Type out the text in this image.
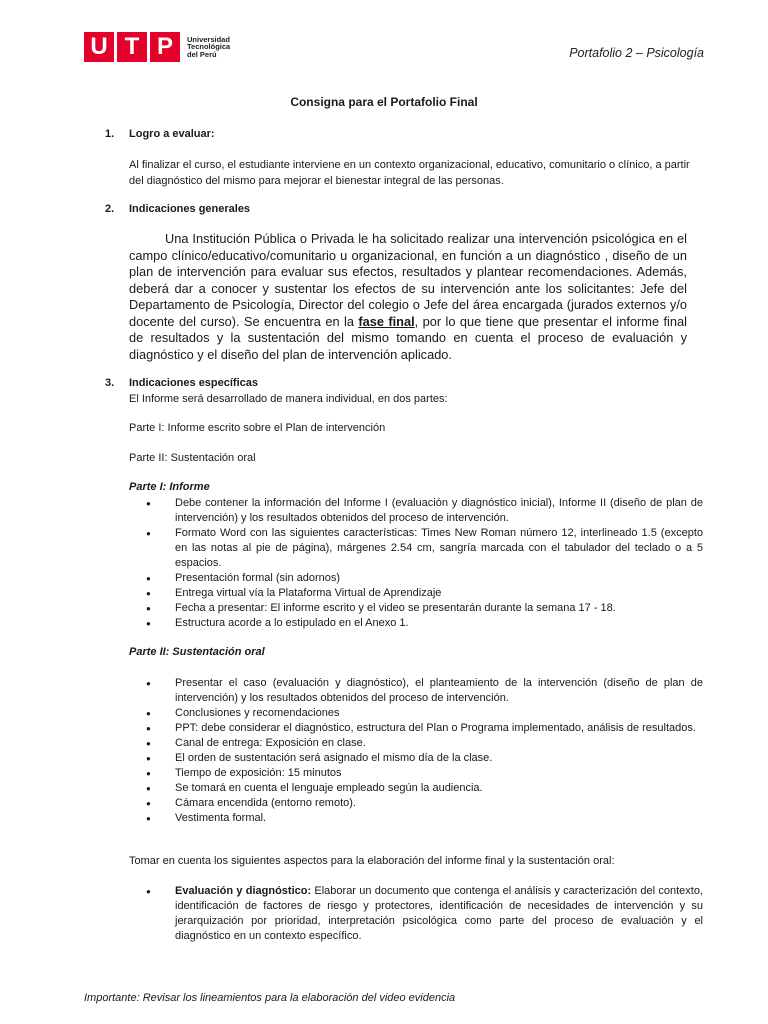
U T P	Universidad
Tecnológica
del Perú	Portafolio 2 – Psicología
Consigna para el Portafolio Final
1. Logro a evaluar:
Al finalizar el curso, el estudiante interviene en un contexto organizacional, educativo, comunitario o clínico, a partir del diagnóstico del mismo para mejorar el bienestar integral de las personas.
2. Indicaciones generales
Una Institución Pública o Privada le ha solicitado realizar una intervención psicológica en el campo clínico/educativo/comunitario u organizacional, en función a un diagnóstico , diseño de un plan de intervención para evaluar sus efectos, resultados y plantear recomendaciones. Además, deberá dar a conocer y sustentar los efectos de su intervención ante los solicitantes: Jefe del Departamento de Psicología, Director del colegio o Jefe del área encargada (jurados externos y/o docente del curso). Se encuentra en la fase final, por lo que tiene que presentar el informe final de resultados y la sustentación del mismo tomando en cuenta el proceso de evaluación y diagnóstico y el diseño del plan de intervención aplicado.
3. Indicaciones específicas
El Informe será desarrollado de manera individual, en dos partes:
Parte I: Informe escrito sobre el Plan de intervención
Parte II: Sustentación oral
Parte I: Informe
● Debe contener la información del Informe I (evaluación y diagnóstico inicial), Informe II (diseño de plan de intervención) y los resultados obtenidos del proceso de intervención.
● Formato Word con las siguientes características: Times New Roman número 12, interlineado 1.5 (excepto en las notas al pie de página), márgenes 2.54 cm, sangría marcada con el tabulador del teclado o a 5 espacios.
● Presentación formal (sin adornos)
● Entrega virtual vía la Plataforma Virtual de Aprendizaje
● Fecha a presentar: El informe escrito y el video se presentarán durante la semana 17 - 18.
● Estructura acorde a lo estipulado en el Anexo 1.
Parte II: Sustentación oral
● Presentar el caso (evaluación y diagnóstico), el planteamiento de la intervención (diseño de plan de intervención) y los resultados obtenidos del proceso de intervención.
● Conclusiones y recomendaciones
● PPT: debe considerar el diagnóstico, estructura del Plan o Programa implementado, análisis de resultados.
● Canal de entrega: Exposición en clase.
● El orden de sustentación será asignado el mismo día de la clase.
● Tiempo de exposición: 15 minutos
● Se tomará en cuenta el lenguaje empleado según la audiencia.
● Cámara encendida (entorno remoto).
● Vestimenta formal.
Tomar en cuenta los siguientes aspectos para la elaboración del informe final y la sustentación oral:
● Evaluación y diagnóstico: Elaborar un documento que contenga el análisis y caracterización del contexto, identificación de factores de riesgo y protectores, identificación de necesidades de intervención y su jerarquización por prioridad, interpretación psicológica como parte del proceso de evaluación y el diagnóstico en un contexto específico.
Importante: Revisar los lineamientos para la elaboración del video evidencia
